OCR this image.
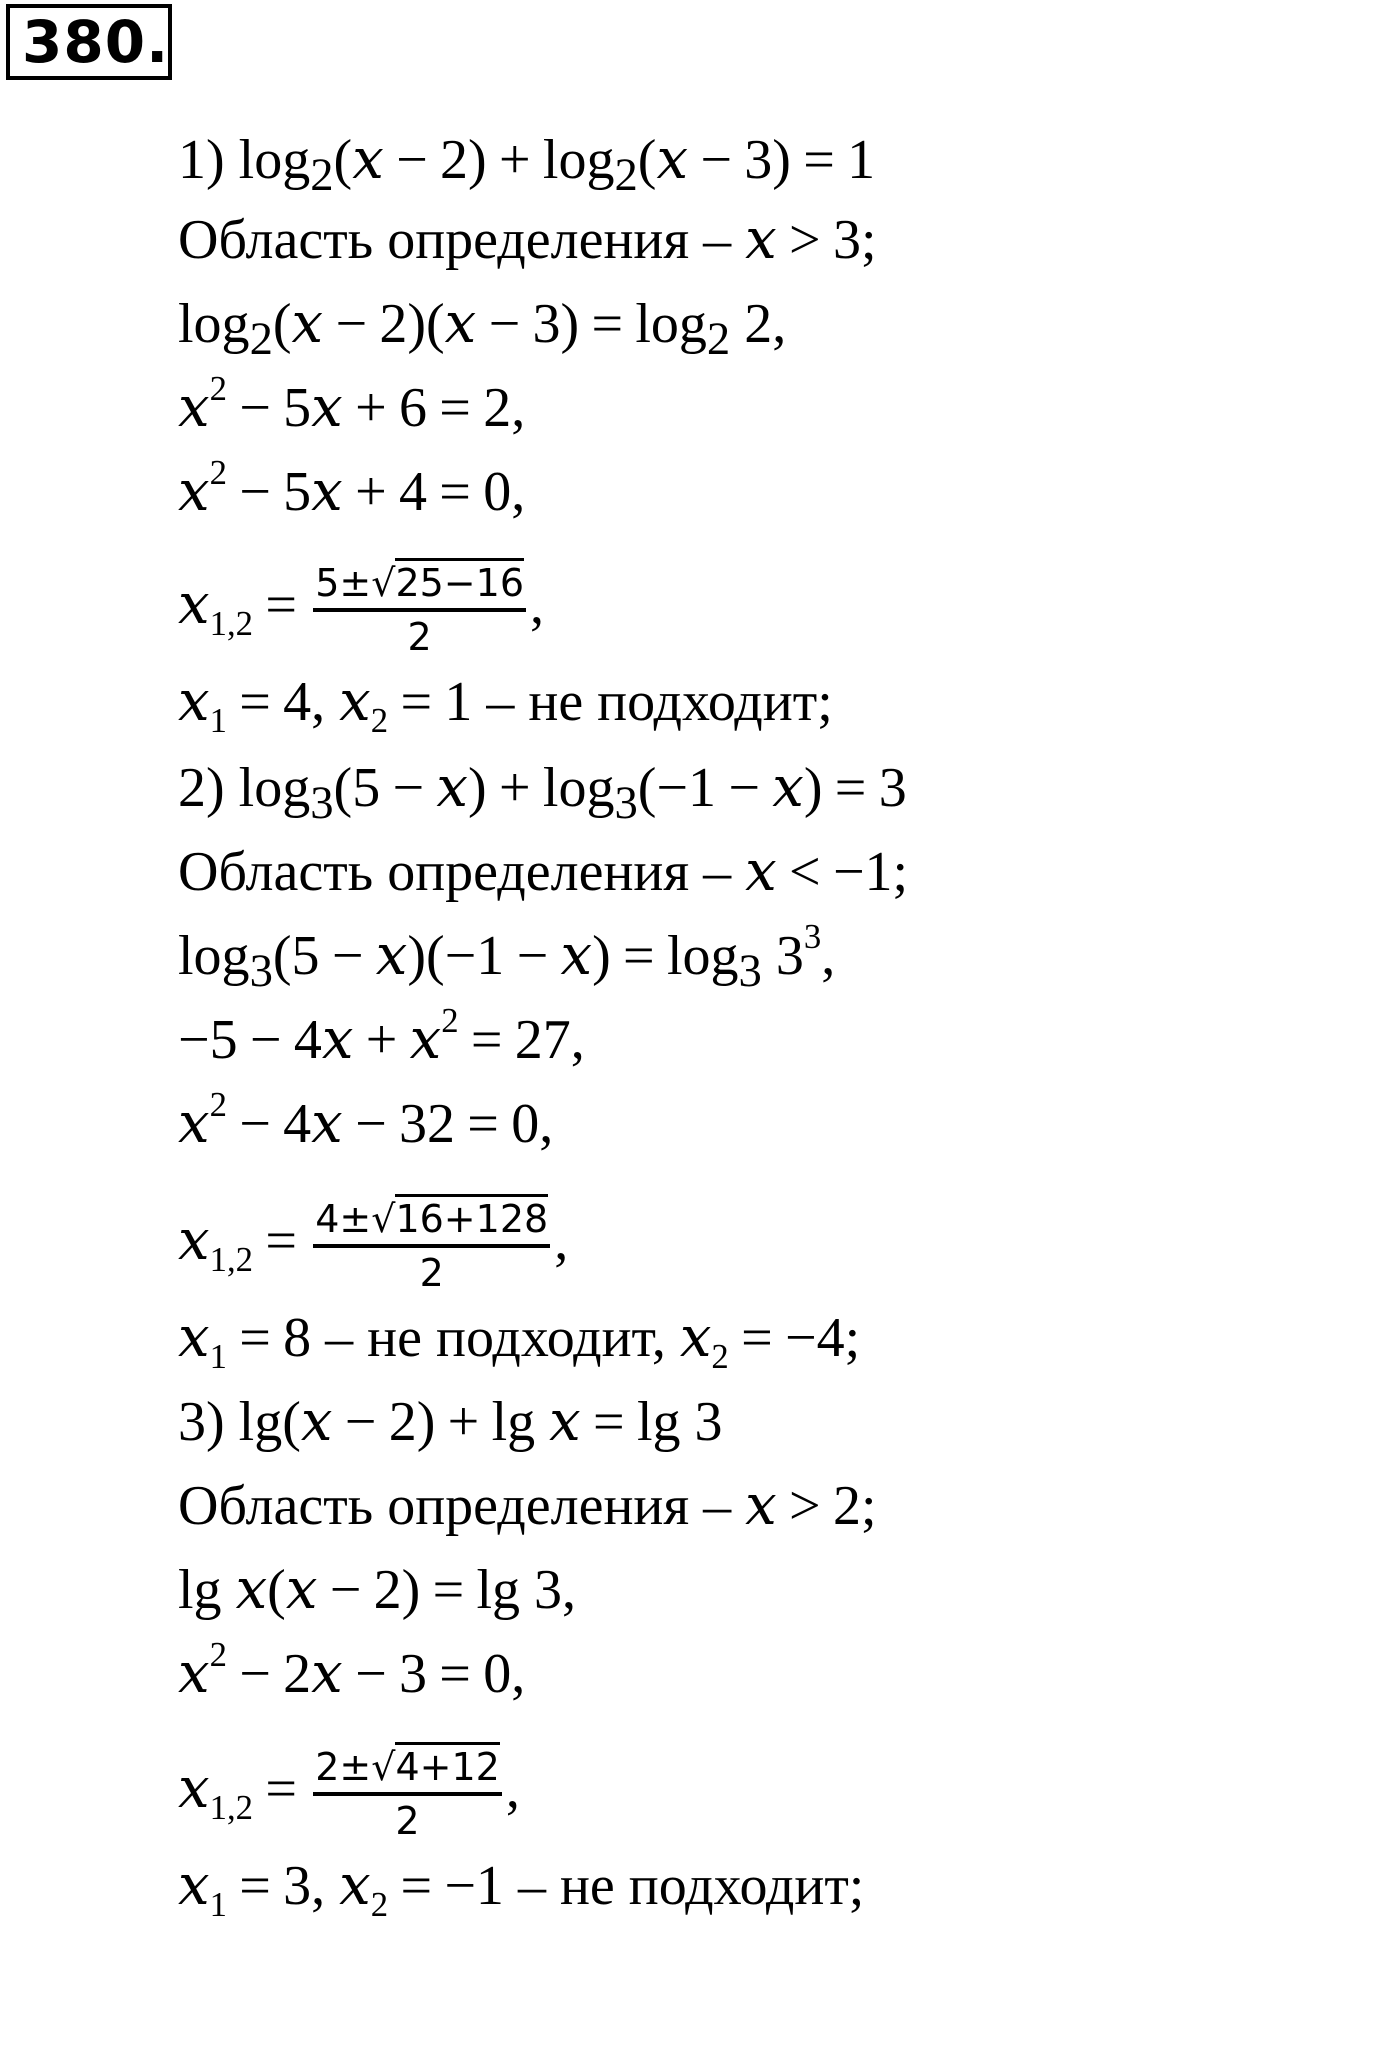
380.
1) $\log_2(x - 2) + \log_2(x - 3) = 1$
Область определения – x > 3;
$\log_2(x - 2)(x - 3) = \log_2 2$,
$x^2 - 5x + 6 = 2$,
$x^2 - 5x + 4 = 0$,
$x_{1,2} = \frac{5\pm√25-16}{2}$ ,
$x_1 = 4$, $x_2 = 1$ – не подходит;
2) $\log_3(5 - x) + \log_3(-1 - x) = 3$
Область определения – x < −1;
$\log_3(5 - x)(-1 - x) = \log_3 3^3$,
$-5 - 4x + x^2 = 27$,
$x^2 - 4x - 32 = 0$,
$x_{1,2} = \frac{4\pm√16+128}{2}$ ,
$x_1 = 8$ – не подходит, $x_2 = -4$;
3) lg(x − 2) + lg x = lg 3
Область определения – x > 2;
lg x(x − 2) = lg 3,
$x^2 - 2x - 3 = 0$,
$x_{1,2} = \frac{2\pm√4+12}{2}$ ,
$x_1 = 3$, $x_2 = -1$ – не подходит;
